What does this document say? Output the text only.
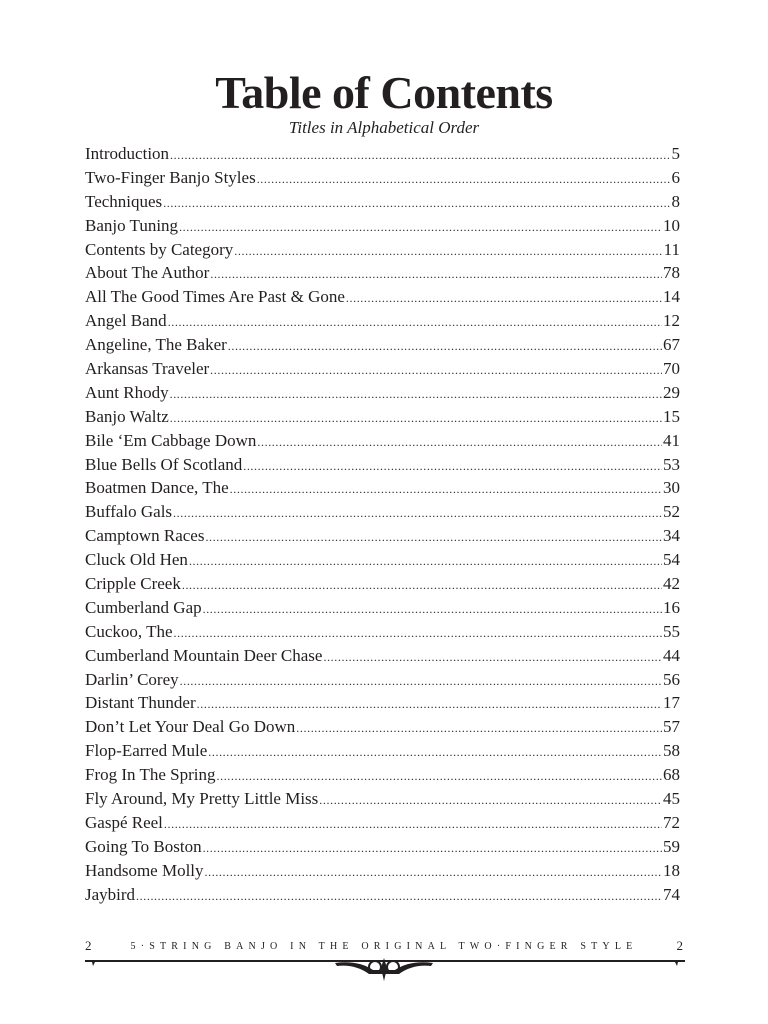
Table of Contents
Titles in Alphabetical Order
Introduction .....	5
Two-Finger Banjo Styles .....	6
Techniques .....	8
Banjo Tuning .....	10
Contents by Category .....	11
About The Author .....	78
All The Good Times Are Past & Gone .....	14
Angel Band .....	12
Angeline, The Baker .....	67
Arkansas Traveler .....	70
Aunt Rhody .....	29
Banjo Waltz .....	15
Bile ‘Em Cabbage Down .....	41
Blue Bells Of Scotland .....	53
Boatmen Dance, The .....	30
Buffalo Gals .....	52
Camptown Races .....	34
Cluck Old Hen .....	54
Cripple Creek .....	42
Cumberland Gap .....	16
Cuckoo, The .....	55
Cumberland Mountain Deer Chase .....	44
Darlin’ Corey .....	56
Distant Thunder .....	17
Don’t Let Your Deal Go Down .....	57
Flop-Earred Mule .....	58
Frog In The Spring .....	68
Fly Around, My Pretty Little Miss .....	45
Gaspé Reel .....	72
Going To Boston .....	59
Handsome Molly .....	18
Jaybird .....	74
2	5·STRING BANJO IN THE ORIGINAL TWO·FINGER STYLE	2
